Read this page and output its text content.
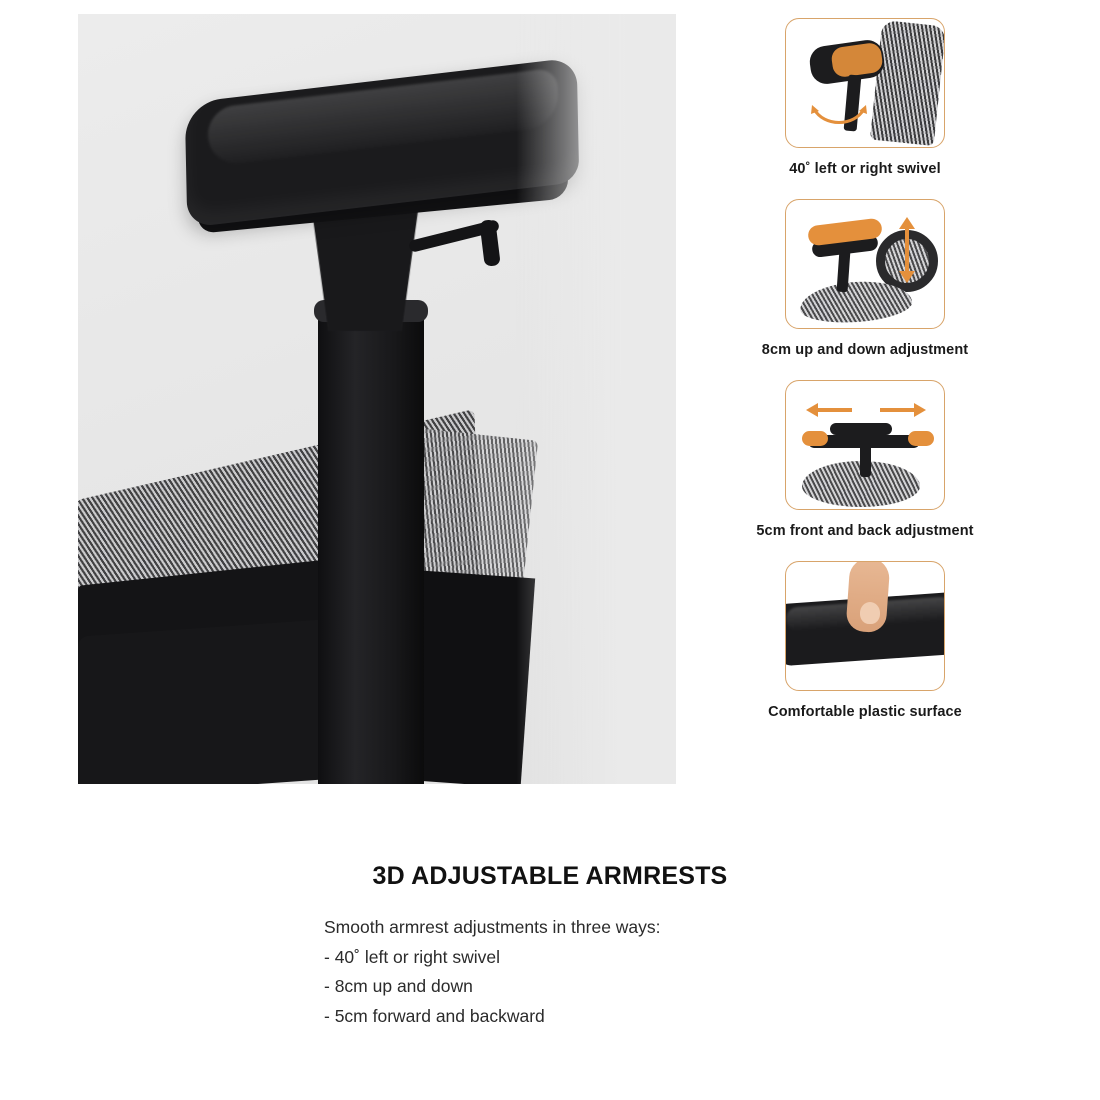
40˚ left or right swivel
8cm up and down adjustment
5cm front and back adjustment
Comfortable plastic surface
3D ADJUSTABLE ARMRESTS
Smooth armrest adjustments in three ways:
- 40˚ left or right swivel
- 8cm up and down
- 5cm forward and backward
